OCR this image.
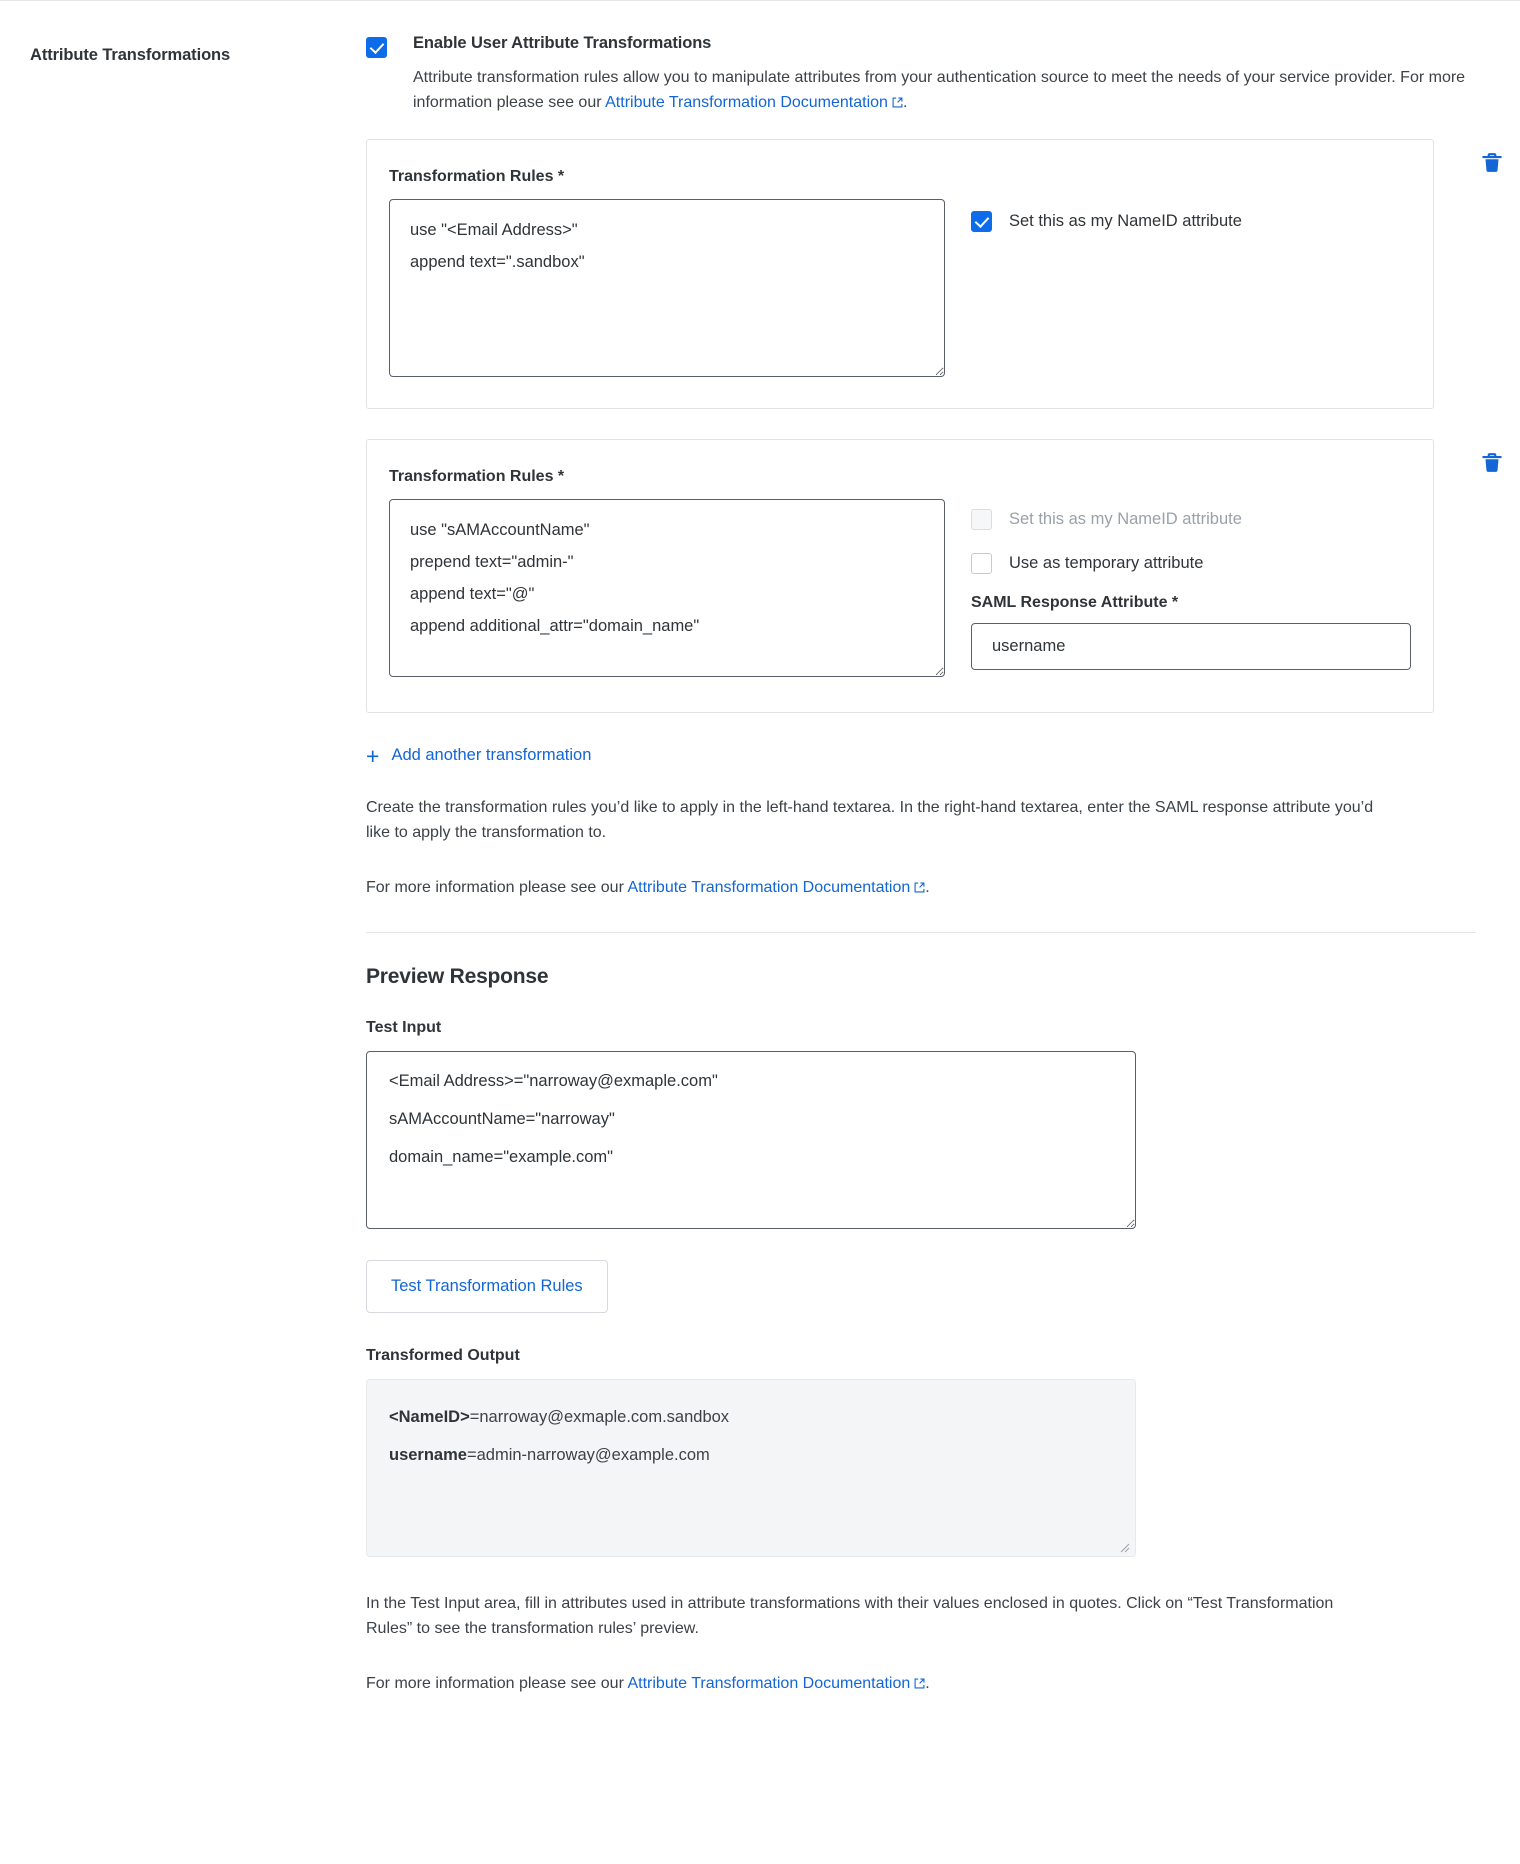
Attribute Transformations
Enable User Attribute Transformations
Attribute transformation rules allow you to manipulate attributes from your authentication source to meet the needs of your service provider. For more information please see our Attribute Transformation Documentation .
Transformation Rules *
use "<Email Address>" append text=".sandbox"
Set this as my NameID attribute
Transformation Rules *
use "sAMAccountName" prepend text="admin-" append text="@" append additional_attr="domain_name"
Set this as my NameID attribute
Use as temporary attribute
SAML Response Attribute *
username
+ Add another transformation
Create the transformation rules you’d like to apply in the left-hand textarea. In the right-hand textarea, enter the SAML response attribute you’d like to apply the transformation to.
For more information please see our Attribute Transformation Documentation .
Preview Response
Test Input
<Email Address>="narroway@exmaple.com" sAMAccountName="narroway" domain_name="example.com"
Test Transformation Rules
Transformed Output
<NameID>=narroway@exmaple.com.sandbox
username=admin-narroway@example.com
In the Test Input area, fill in attributes used in attribute transformations with their values enclosed in quotes. Click on “Test Transformation Rules” to see the transformation rules’ preview.
For more information please see our Attribute Transformation Documentation .
